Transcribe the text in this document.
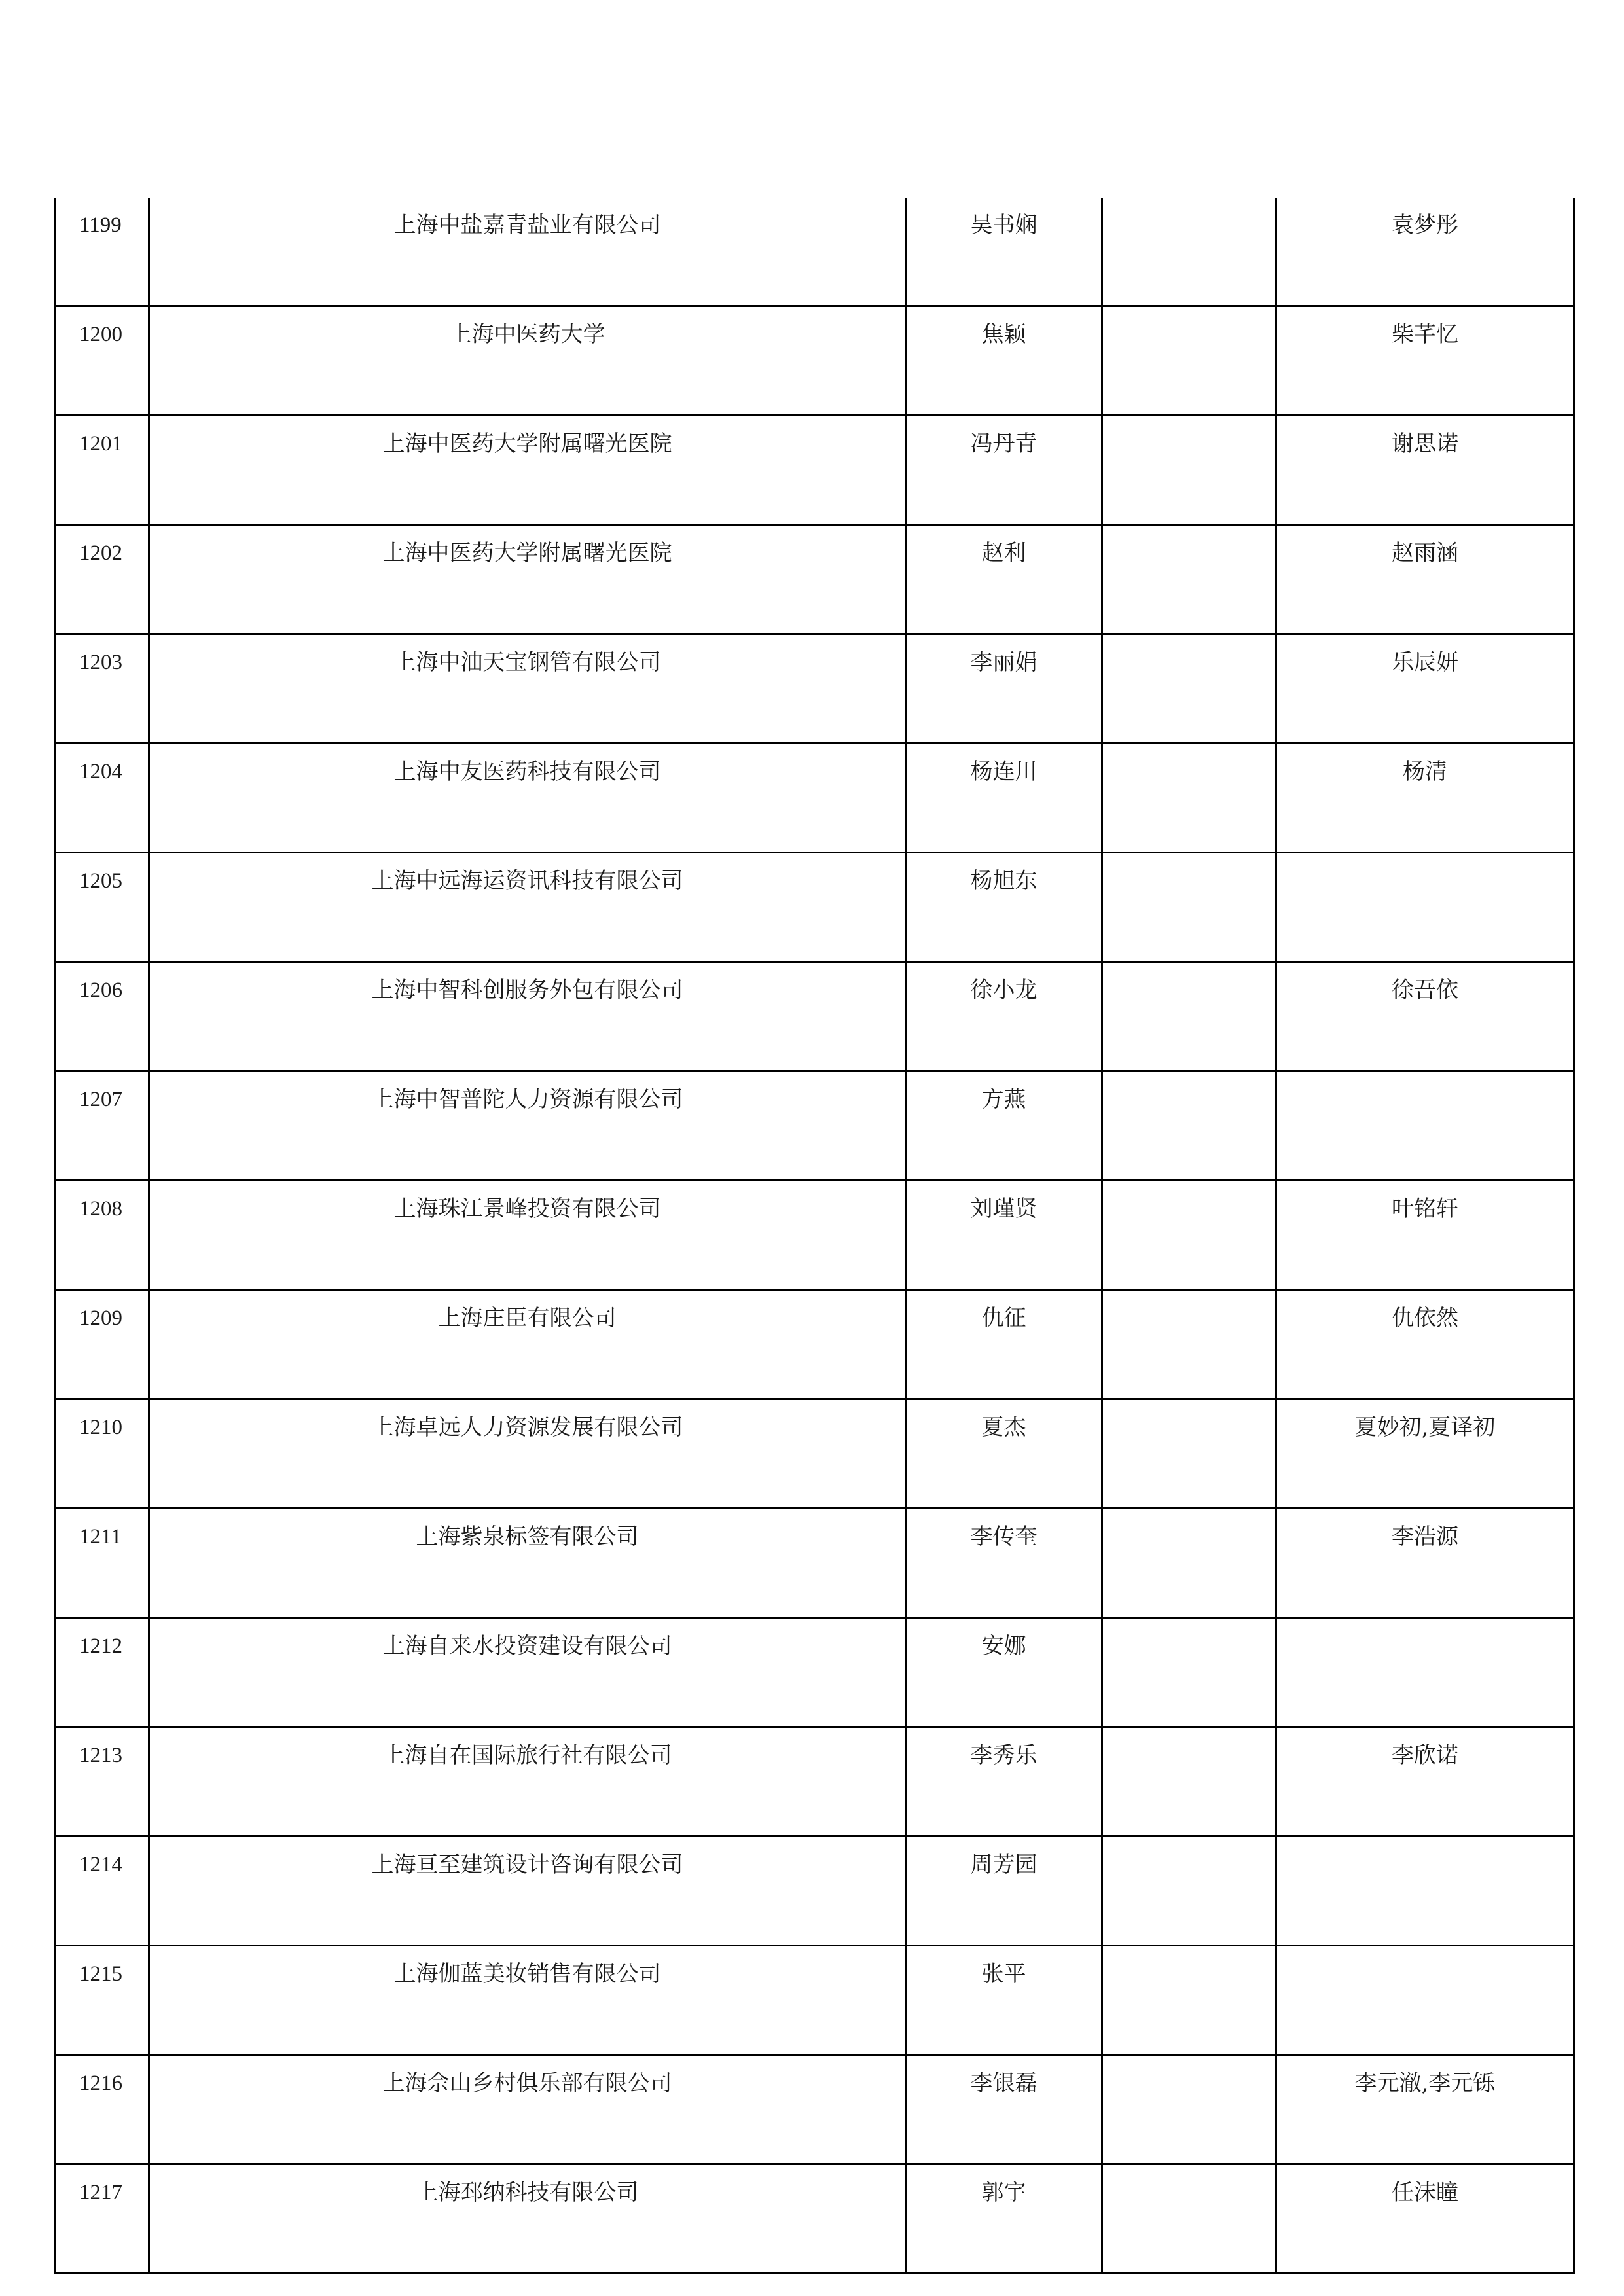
1199	上海中盐嘉青盐业有限公司	吴书娴		袁梦彤
1200	上海中医药大学	焦颖		柴芊忆
1201	上海中医药大学附属曙光医院	冯丹青		谢思诺
1202	上海中医药大学附属曙光医院	赵利		赵雨涵
1203	上海中油天宝钢管有限公司	李丽娟		乐辰妍
1204	上海中友医药科技有限公司	杨连川		杨清
1205	上海中远海运资讯科技有限公司	杨旭东		
1206	上海中智科创服务外包有限公司	徐小龙		徐吾依
1207	上海中智普陀人力资源有限公司	方燕		
1208	上海珠江景峰投资有限公司	刘瑾贤		叶铭轩
1209	上海庄臣有限公司	仇征		仇依然
1210	上海卓远人力资源发展有限公司	夏杰		夏妙初,夏译初
1211	上海紫泉标签有限公司	李传奎		李浩源
1212	上海自来水投资建设有限公司	安娜		
1213	上海自在国际旅行社有限公司	李秀乐		李欣诺
1214	上海亘至建筑设计咨询有限公司	周芳园		
1215	上海伽蓝美妆销售有限公司	张平		
1216	上海佘山乡村俱乐部有限公司	李银磊		李元澈,李元铄
1217	上海邳纳科技有限公司	郭宇		任沫瞳
